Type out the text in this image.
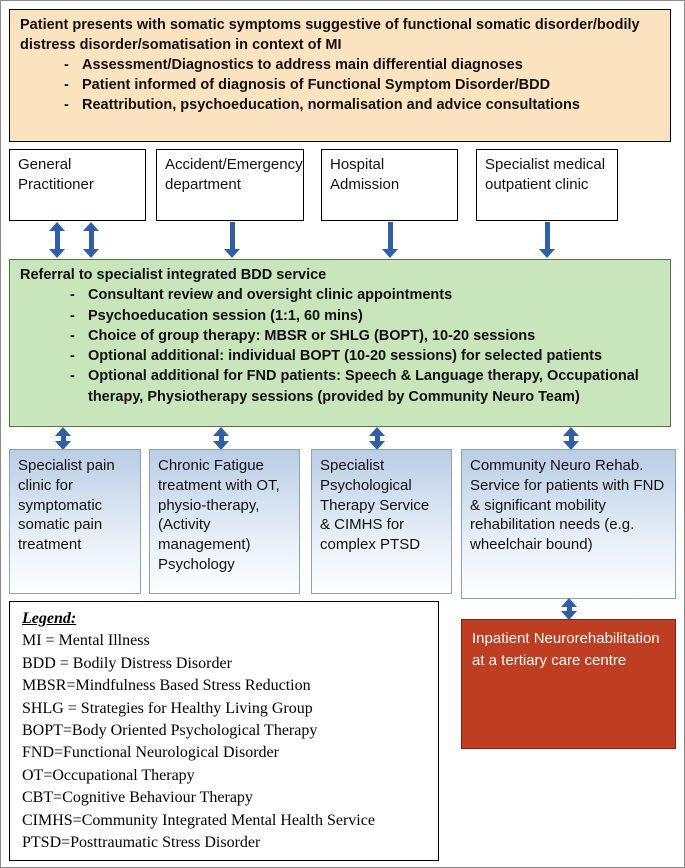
Patient presents with somatic symptoms suggestive of functional somatic disorder/bodily distress disorder/somatisation in context of MI
- Assessment/Diagnostics to address main differential diagnoses
- Patient informed of diagnosis of Functional Symptom Disorder/BDD
- Reattribution, psychoeducation, normalisation and advice consultations
General Practitioner
Accident/Emergency department
Hospital Admission
Specialist medical outpatient clinic
Referral to specialist integrated BDD service
- Consultant review and oversight clinic appointments
- Psychoeducation session (1:1, 60 mins)
- Choice of group therapy: MBSR or SHLG (BOPT), 10-20 sessions
- Optional additional: individual BOPT (10-20 sessions) for selected patients
- Optional additional for FND patients: Speech & Language therapy, Occupational therapy, Physiotherapy sessions (provided by Community Neuro Team)
Specialist pain clinic for symptomatic somatic pain treatment
Chronic Fatigue treatment with OT, physio-therapy, (Activity management) Psychology
Specialist Psychological Therapy Service & CIMHS for complex PTSD
Community Neuro Rehab. Service for patients with FND & significant mobility rehabilitation needs (e.g. wheelchair bound)
Legend:
MI = Mental Illness
BDD = Bodily Distress Disorder
MBSR=Mindfulness Based Stress Reduction
SHLG = Strategies for Healthy Living Group
BOPT=Body Oriented Psychological Therapy
FND=Functional Neurological Disorder
OT=Occupational Therapy
CBT=Cognitive Behaviour Therapy
CIMHS=Community Integrated Mental Health Service
PTSD=Posttraumatic Stress Disorder
Inpatient Neurorehabilitation at a tertiary care centre
